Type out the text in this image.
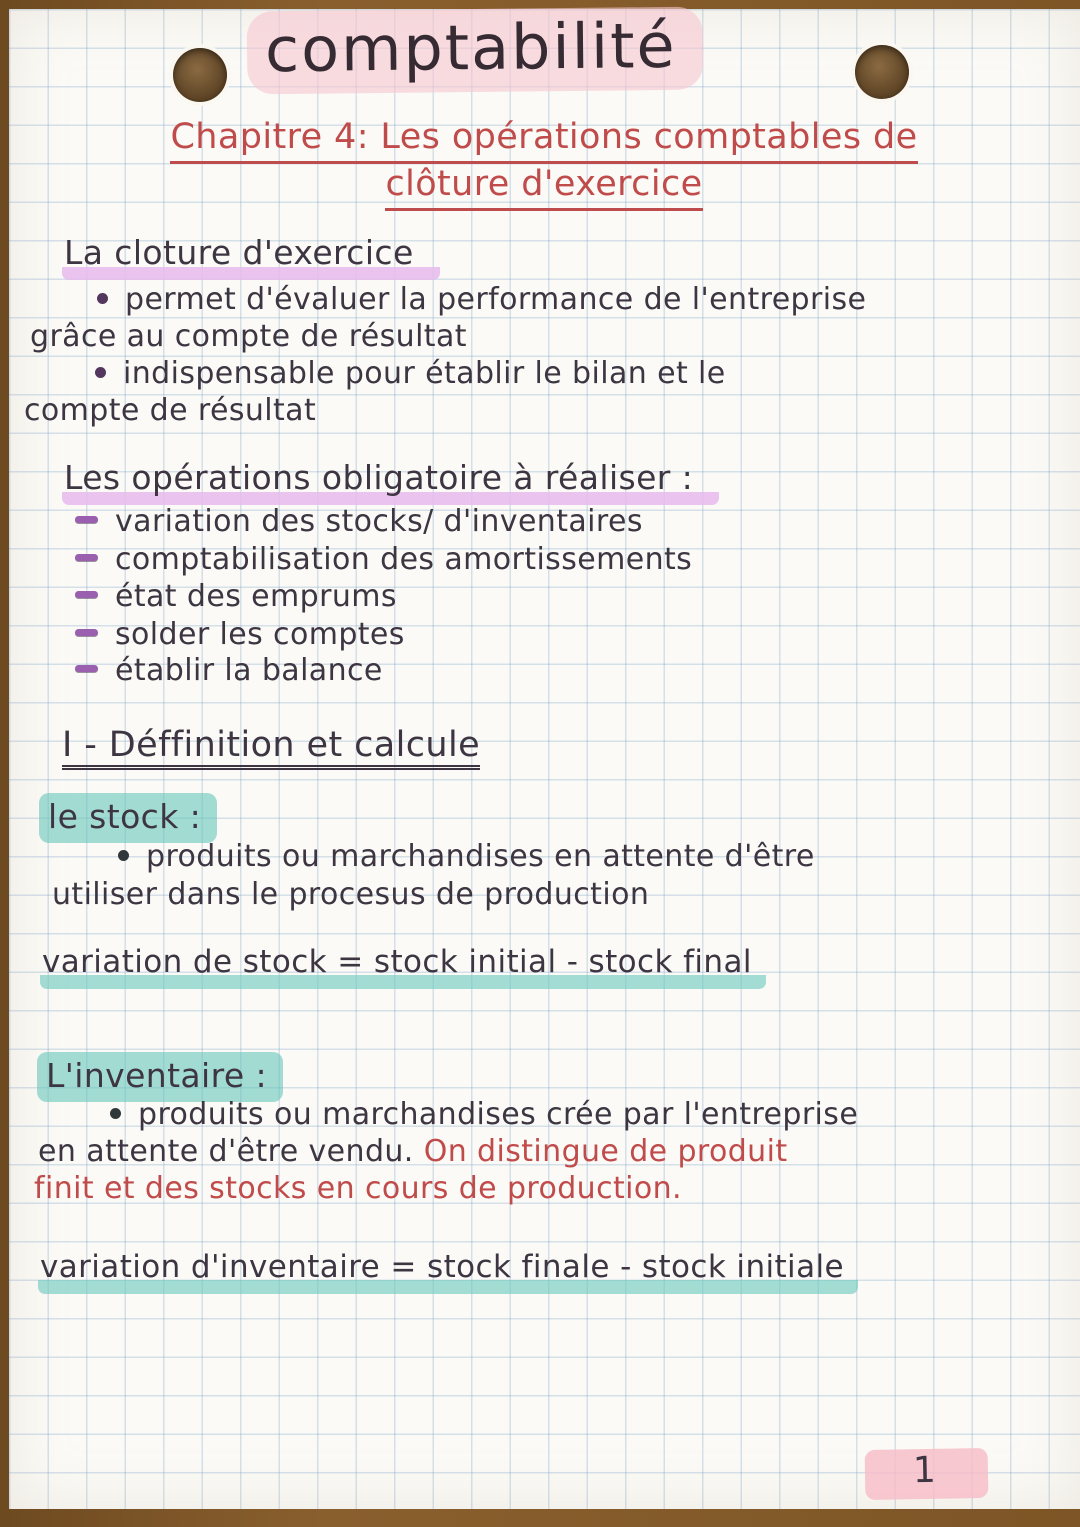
comptabilité
Chapitre 4: Les opérations comptables de
clôture d'exercice
La cloture d'exercice
permet d'évaluer la performance de l'entreprise
grâce au compte de résultat
indispensable pour établir le bilan et le
compte de résultat
Les opérations obligatoire à réaliser :
variation des stocks/ d'inventaires
comptabilisation des amortissements
état des emprums
solder les comptes
établir la balance
I - Déffinition et calcule
le stock :
produits ou marchandises en attente d'être
utiliser dans le procesus de production
variation de stock = stock initial - stock final
L'inventaire :
produits ou marchandises crée par l'entreprise
en attente d'être vendu. On distingue de produit
finit et des stocks en cours de production.
variation d'inventaire = stock finale - stock initiale
1
